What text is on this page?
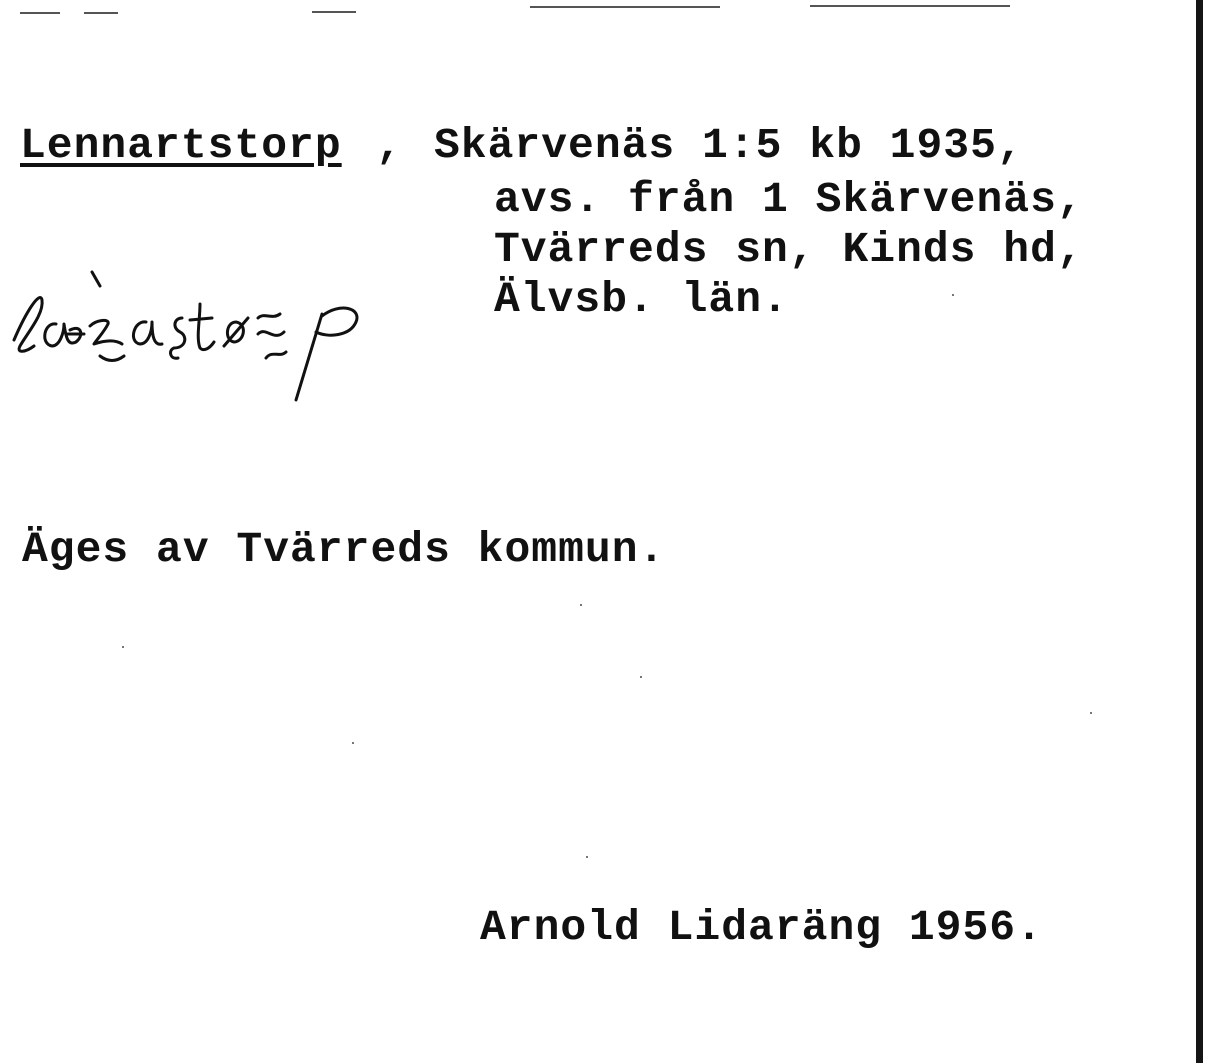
Lennartstorp , Skärvenäs 1:5 kb 1935,
avs. från 1 Skärvenäs,
Tvärreds sn, Kinds hd,
Älvsb. län.
Äges av Tvärreds kommun.
Arnold Lidaräng 1956.
